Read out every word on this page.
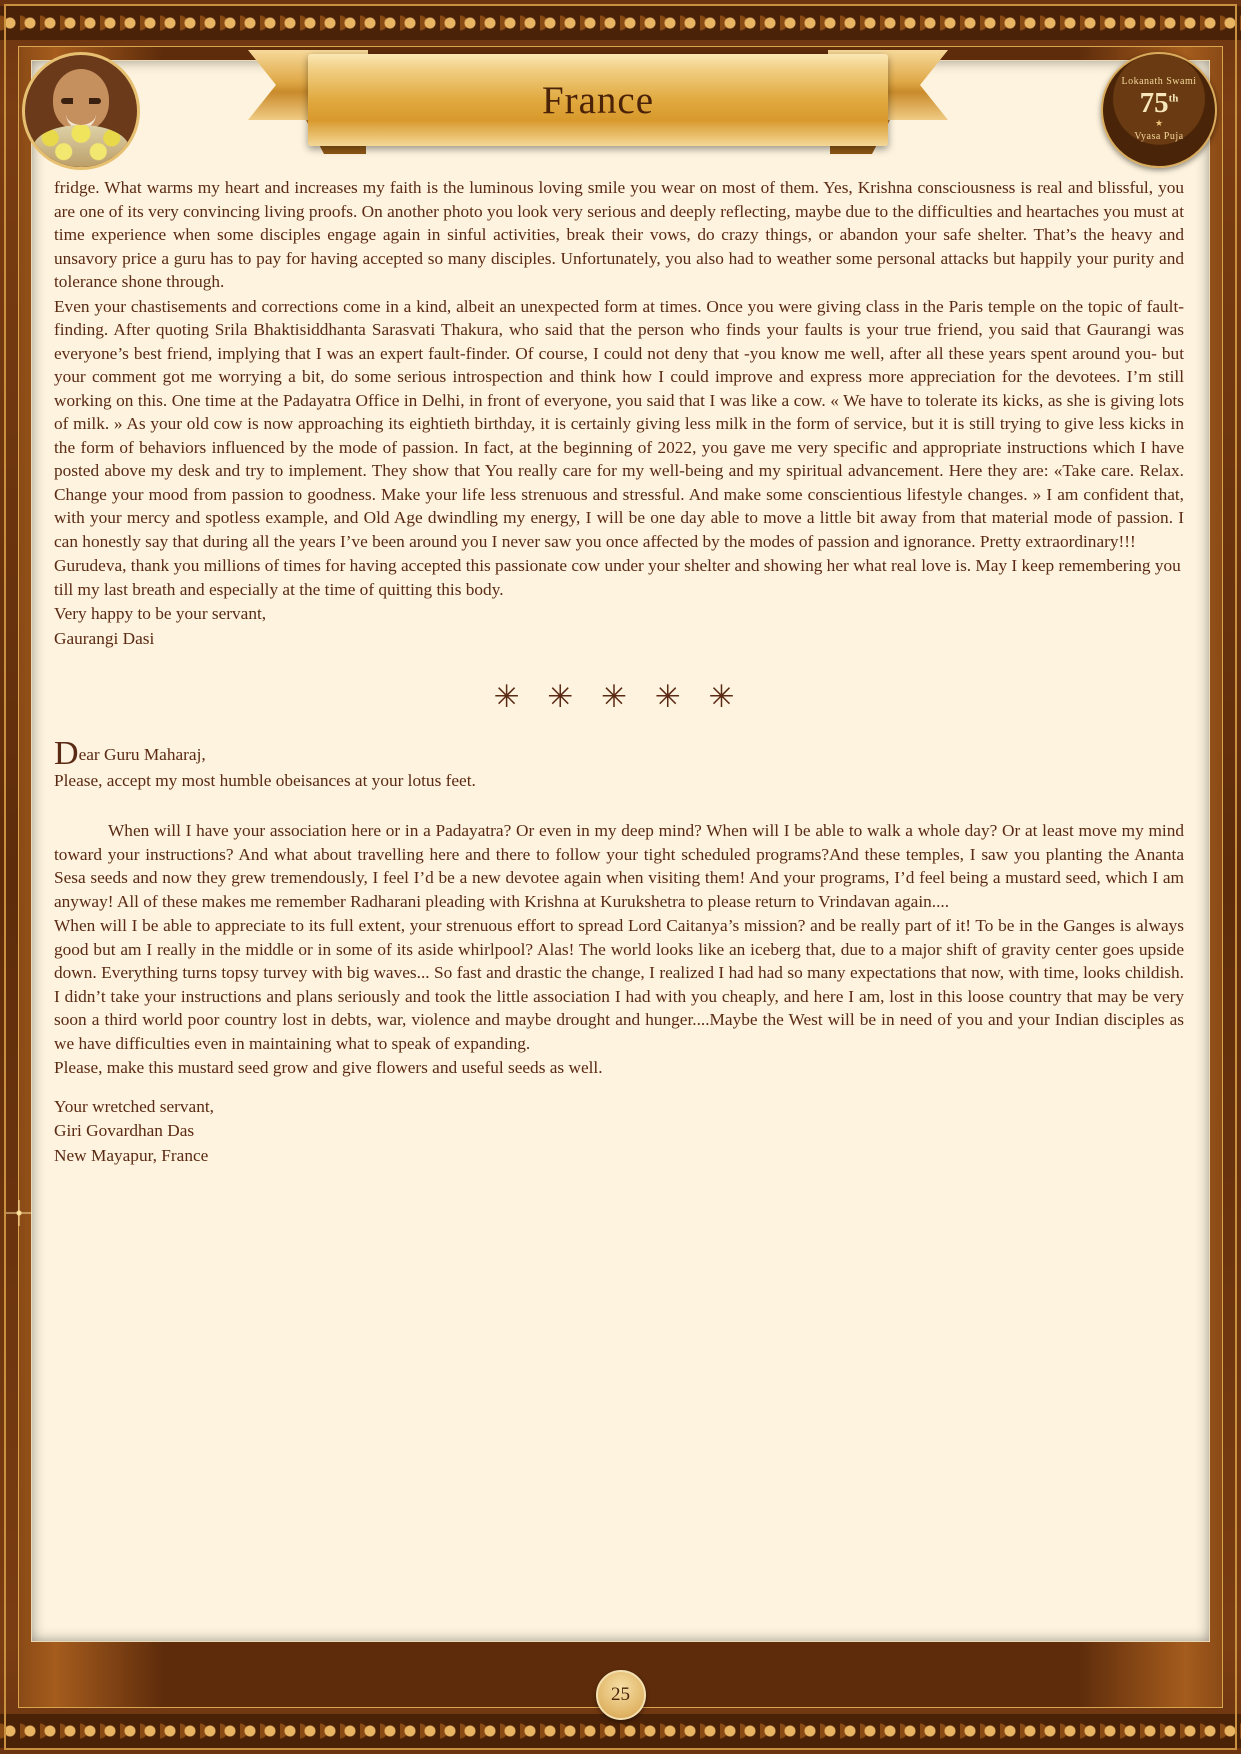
France	Lokanath Swami
75th
★
Vyasa Puja

fridge. What warms my heart and increases my faith is the luminous loving smile you wear on most of them. Yes, Krishna consciousness is real and blissful, you are one of its very convincing living proofs. On another photo you look very serious and deeply reflecting, maybe due to the difficulties and heartaches you must at time experience when some disciples engage again in sinful activities, break their vows, do crazy things, or abandon your safe shelter. That’s the heavy and unsavory price a guru has to pay for having accepted so many disciples. Unfortunately, you also had to weather some personal attacks but happily your purity and tolerance shone through.

Even your chastisements and corrections come in a kind, albeit an unexpected form at times. Once you were giving class in the Paris temple on the topic of fault-finding. After quoting Srila Bhaktisiddhanta Sarasvati Thakura, who said that the person who finds your faults is your true friend, you said that Gaurangi was everyone’s best friend, implying that I was an expert fault-finder. Of course, I could not deny that -you know me well, after all these years spent around you- but your comment got me worrying a bit, do some serious introspection and think how I could improve and express more appreciation for the devotees. I’m still working on this. One time at the Padayatra Office in Delhi, in front of everyone, you said that I was like a cow. « We have to tolerate its kicks, as she is giving lots of milk. » As your old cow is now approaching its eightieth birthday, it is certainly giving less milk in the form of service, but it is still trying to give less kicks in the form of behaviors influenced by the mode of passion. In fact, at the beginning of 2022, you gave me very specific and appropriate instructions which I have posted above my desk and try to implement. They show that You really care for my well-being and my spiritual advancement. Here they are: «Take care. Relax. Change your mood from passion to goodness. Make your life less strenuous and stressful. And make some conscientious lifestyle changes. » I am confident that, with your mercy and spotless example, and Old Age dwindling my energy, I will be one day able to move a little bit away from that material mode of passion. I can honestly say that during all the years I’ve been around you I never saw you once affected by the modes of passion and ignorance. Pretty extraordinary!!!

Gurudeva, thank you millions of times for having accepted this passionate cow under your shelter and showing her what real love is. May I keep remembering you till my last breath and especially at the time of quitting this body.

Very happy to be your servant,

Gaurangi Dasi

✳ ✳ ✳ ✳ ✳

Dear Guru Maharaj,

Please, accept my most humble obeisances at your lotus feet.

When will I have your association here or in a Padayatra? Or even in my deep mind? When will I be able to walk a whole day? Or at least move my mind toward your instructions? And what about travelling here and there to follow your tight scheduled programs?And these temples, I saw you planting the Ananta Sesa seeds and now they grew tremendously, I feel I’d be a new devotee again when visiting them! And your programs, I’d feel being a mustard seed, which I am anyway! All of these makes me remember Radharani pleading with Krishna at Kurukshetra to please return to Vrindavan again....

When will I be able to appreciate to its full extent, your strenuous effort to spread Lord Caitanya’s mission? and be really part of it! To be in the Ganges is always good but am I really in the middle or in some of its aside whirlpool? Alas! The world looks like an iceberg that, due to a major shift of gravity center goes upside down. Everything turns topsy turvey with big waves... So fast and drastic the change, I realized I had had so many expectations that now, with time, looks childish. I didn’t take your instructions and plans seriously and took the little association I had with you cheaply, and here I am, lost in this loose country that may be very soon a third world poor country lost in debts, war, violence and maybe drought and hunger....Maybe the West will be in need of you and your Indian disciples as we have difficulties even in maintaining what to speak of expanding.

Please, make this mustard seed grow and give flowers and useful seeds as well.

Your wretched servant,

Giri Govardhan Das

New Mayapur, France

25
